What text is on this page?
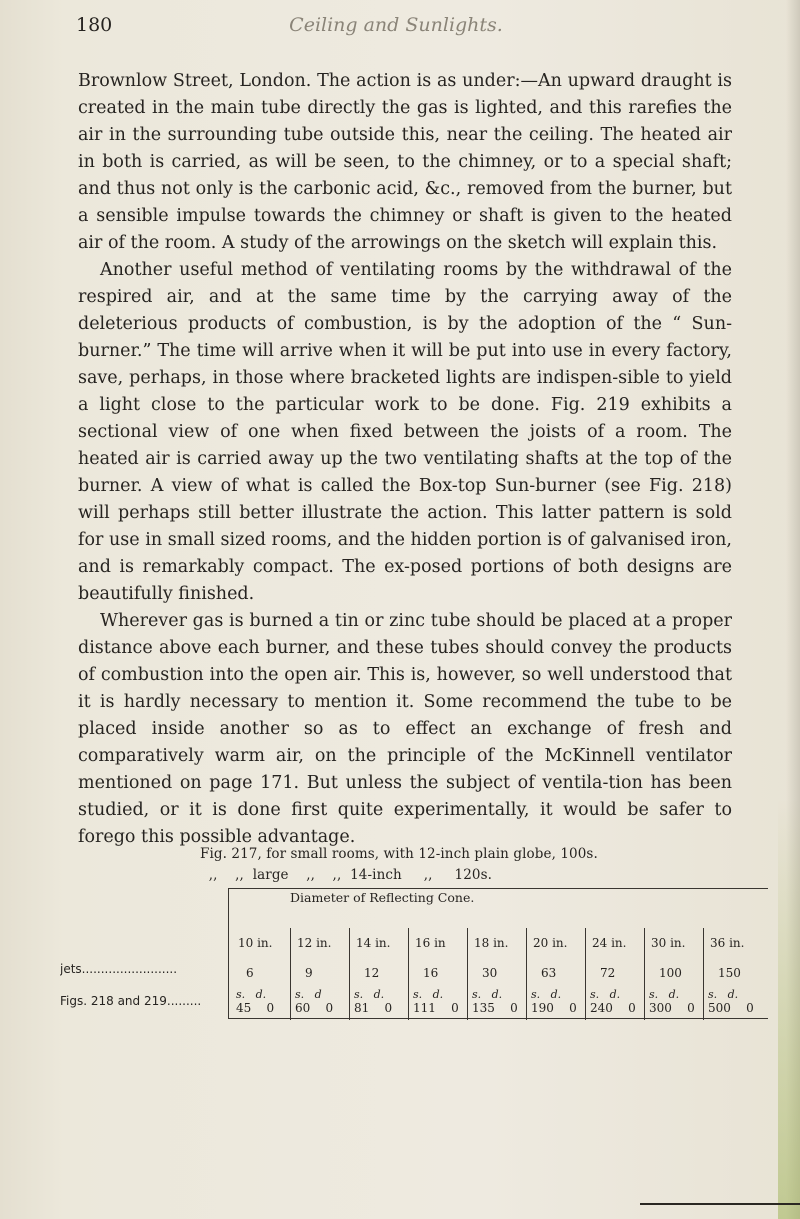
180	Ceiling and Sunlights.

Brownlow Street, London. The action is as under:—An upward draught is created in the main tube directly the gas is lighted, and this rarefies the air in the surrounding tube outside this, near the ceiling. The heated air in both is carried, as will be seen, to the chimney, or to a special shaft; and thus not only is the carbonic acid, &c., removed from the burner, but a sensible impulse towards the chimney or shaft is given to the heated air of the room. A study of the arrowings on the sketch will explain this.

Another useful method of ventilating rooms by the withdrawal of the respired air, and at the same time by the carrying away of the deleterious products of combustion, is by the adoption of the “ Sun-burner.” The time will arrive when it will be put into use in every factory, save, perhaps, in those where bracketed lights are indispen-sible to yield a light close to the particular work to be done. Fig. 219 exhibits a sectional view of one when fixed between the joists of a room. The heated air is carried away up the two ventilating shafts at the top of the burner. A view of what is called the Box-top Sun-burner (see Fig. 218) will perhaps still better illustrate the action. This latter pattern is sold for use in small sized rooms, and the hidden portion is of galvanised iron, and is remarkably compact. The ex-posed portions of both designs are beautifully finished.

Wherever gas is burned a tin or zinc tube should be placed at a proper distance above each burner, and these tubes should convey the products of combustion into the open air. This is, however, so well understood that it is hardly necessary to mention it. Some recommend the tube to be placed inside another so as to effect an exchange of fresh and comparatively warm air, on the principle of the McKinnell ventilator mentioned on page 171. But unless the subject of ventila-tion has been studied, or it is done first quite experimentally, it would be safer to forego this possible advantage.

Fig. 217, for small rooms, with 12-inch plain globe, 100s.
,,    ,,  large    ,,    ,,  14-inch     ,,     120s.
Diameter of Reflecting Cone.
jets.........................
Figs. 218 and 219.........
10 in.
6
s.   d.
45    0
12 in.
9
s.   d
60    0
14 in.
12
s.   d.
81    0
16 in
16
s.   d.
111    0
18 in.
30
s.   d.
135    0
20 in.
63
s.   d.
190    0
24 in.
72
s.   d.
240    0
30 in.
100
s.   d.
300    0
36 in.
150
s.   d.
500    0
